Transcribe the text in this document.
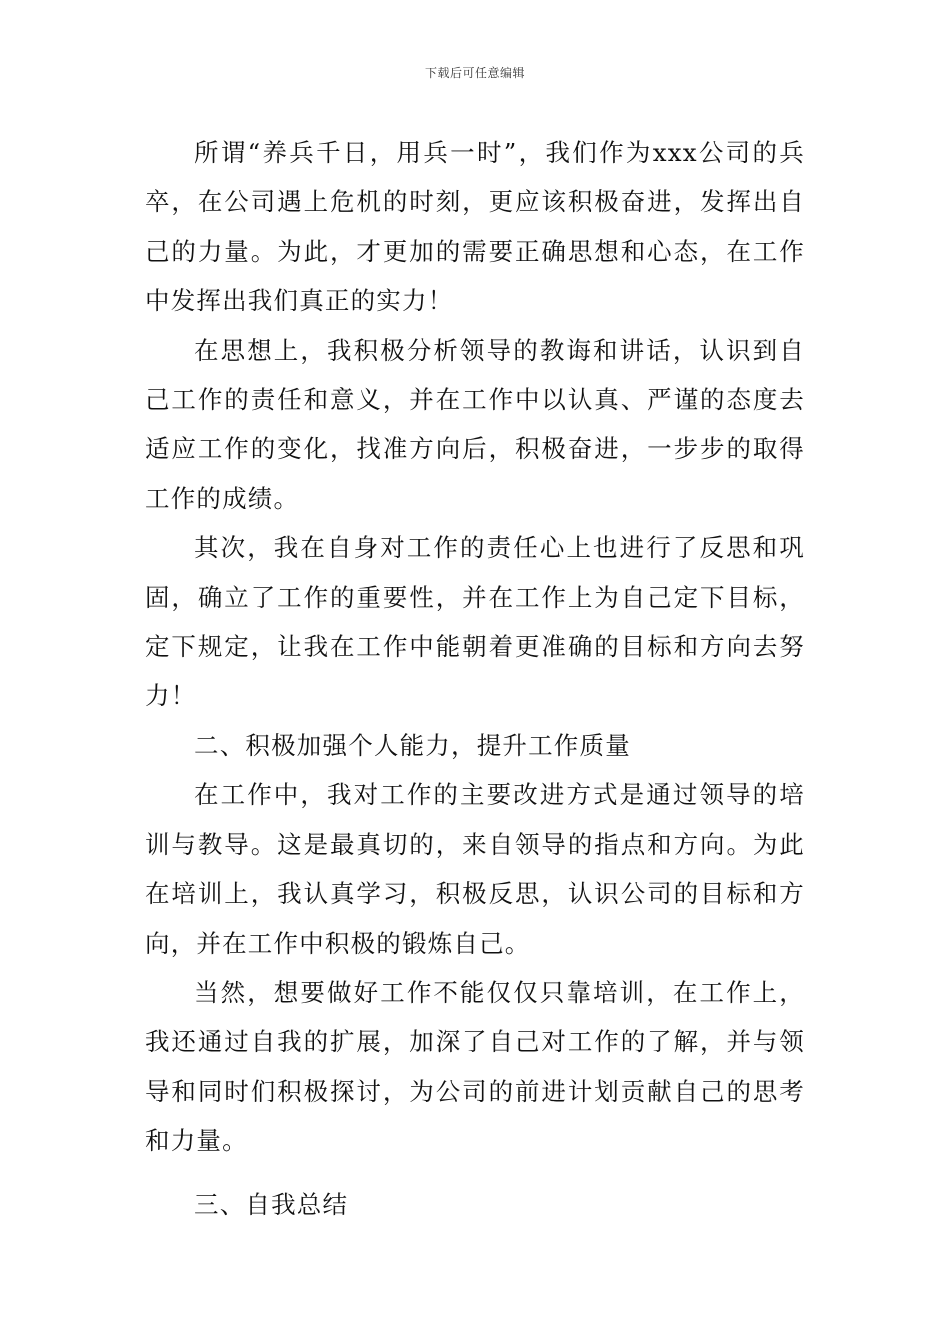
下载后可任意编辑

所谓“养兵千日，用兵一时”，我们作为xxx公司的兵卒，在公司遇上危机的时刻，更应该积极奋进，发挥出自己的力量。为此，才更加的需要正确思想和心态，在工作中发挥出我们真正的实力！

在思想上，我积极分析领导的教诲和讲话，认识到自己工作的责任和意义，并在工作中以认真、严谨的态度去适应工作的变化，找准方向后，积极奋进，一步步的取得工作的成绩。

其次，我在自身对工作的责任心上也进行了反思和巩固，确立了工作的重要性，并在工作上为自己定下目标，定下规定，让我在工作中能朝着更准确的目标和方向去努力！

二、积极加强个人能力，提升工作质量

在工作中，我对工作的主要改进方式是通过领导的培训与教导。这是最真切的，来自领导的指点和方向。为此在培训上，我认真学习，积极反思，认识公司的目标和方向，并在工作中积极的锻炼自己。

当然，想要做好工作不能仅仅只靠培训，在工作上，我还通过自我的扩展，加深了自己对工作的了解，并与领导和同时们积极探讨，为公司的前进计划贡献自己的思考和力量。

三、自我总结
